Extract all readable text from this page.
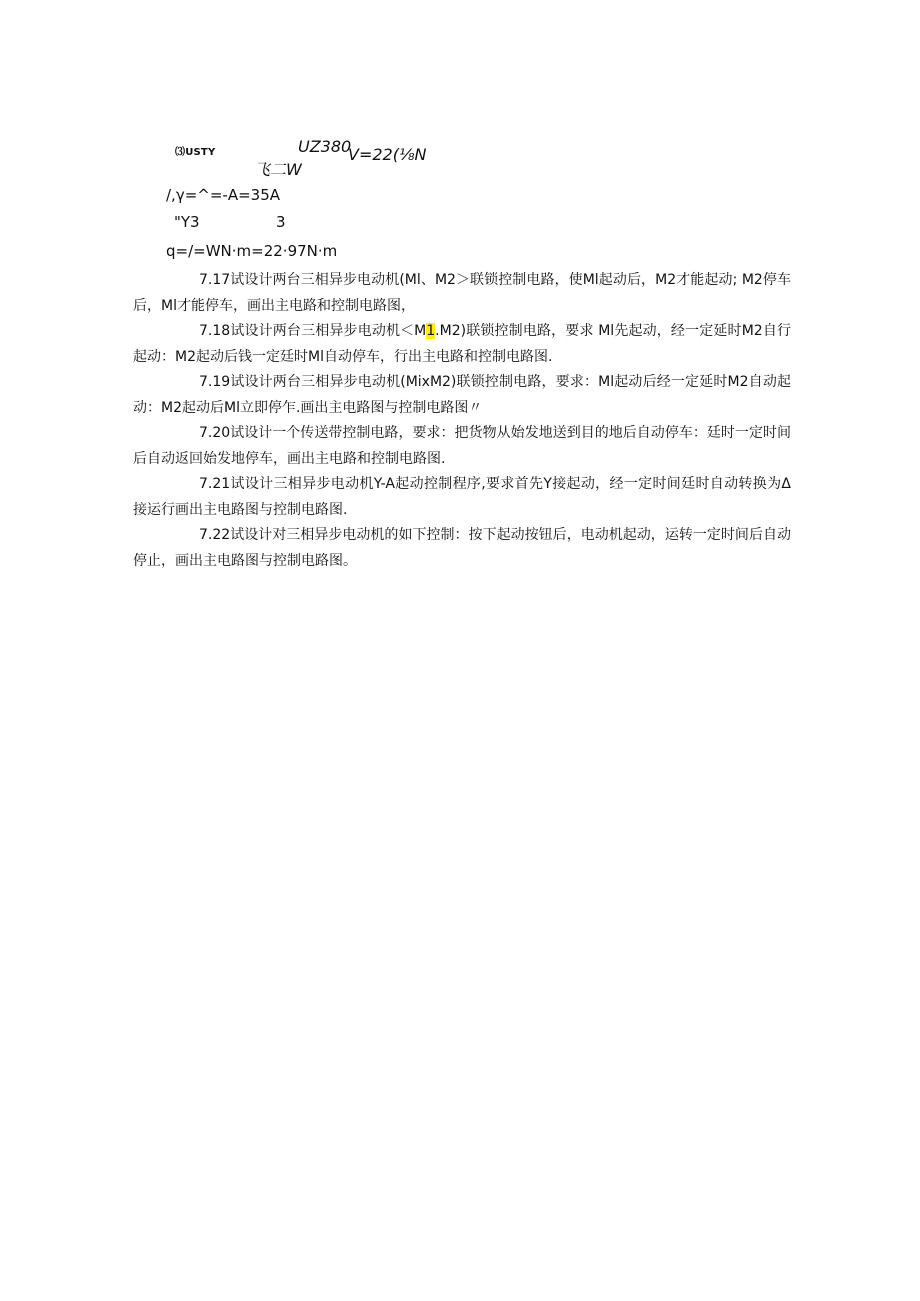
⑶USTY	UZ380
V=22(⅛N
飞二W
/,γ=^=-A=35A
"Y3	3
q=/=WN·m=22·97N·m

7.17试设计两台三相异步电动机(Ml、M2＞联锁控制电路，使Ml起动后，M2才能起动; M2停车后，Ml才能停车，画出主电路和控制电路图，

7.18试设计两台三相异步电动机＜M1.M2)联锁控制电路，要求 Ml先起动，经一定延时M2自行起动：M2起动后钱一定廷时Ml自动停车，行出主电路和控制电路图.

7.19试设计两台三相异步电动机(MixM2)联锁控制电路，要求：Ml起动后经一定延时M2自动起动：M2起动后Ml立即停乍.画出主电路图与控制电路图〃

7.20试设计一个传送带控制电路，要求：把货物从始发地送到目的地后自动停车：廷时一定时间后自动返回始发地停车，画出主电路和控制电路图.

7.21试设计三相异步电动机Y-A起动控制程序,要求首先Y接起动，经一定时间廷时自动转换为Δ接运行画出主电路图与控制电路图.

7.22试设计对三相异步电动机的如下控制：按下起动按钮后，电动机起动，运转一定时间后自动停止，画出主电路图与控制电路图。
